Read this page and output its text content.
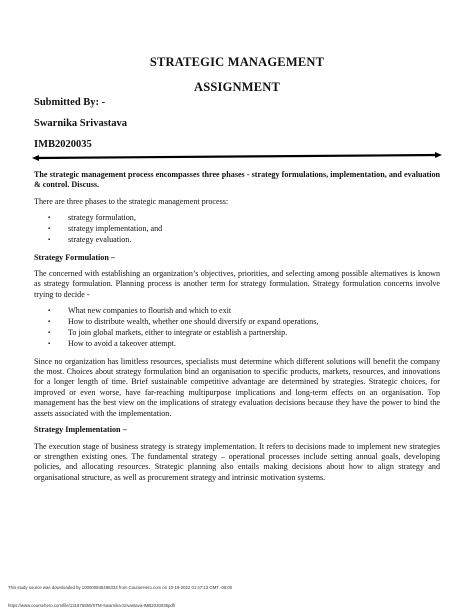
STRATEGIC MANAGEMENT
ASSIGNMENT
Submitted By: -
Swarnika Srivastava
IMB2020035

The strategic management process encompasses three phases - strategy formulations, implementation, and evaluation & control. Discuss.

There are three phases to the strategic management process:

▪ strategy formulation,
▪ strategy implementation, and
▪ strategy evaluation.

Strategy Formulation –

The concerned with establishing an organization’s objectives, priorities, and selecting among possible alternatives is known as strategy formulation. Planning process is another term for strategy formulation. Strategy formulation concerns involve trying to decide -

▪ What new companies to flourish and which to exit
▪ How to distribute wealth, whether one should diversify or expand operations,
▪ To join global markets, either to integrate or establish a partnership.
▪ How to avoid a takeover attempt.

Since no organization has limitless resources, specialists must determine which different solutions will benefit the company the most. Choices about strategy formulation bind an organisation to specific products, markets, resources, and innovations for a longer length of time. Brief sustainable competitive advantage are determined by strategies. Strategic choices, for improved or even worse, have far-reaching multipurpose implications and long-term effects on an organisation. Top management has the best view on the implications of strategy evaluation decisions because they have the power to bind the assets associated with the implementation.

Strategy Implementation –

The execution stage of business strategy is strategy implementation. It refers to decisions made to implement new strategies or strengthen existing ones. The fundamental strategy – operational processes include setting annual goals, developing policies, and allocating resources. Strategic planning also entails making decisions about how to align strategy and organisational structure, as well as procurement strategy and intrinsic motivation systems.

This study source was downloaded by 100000845488333 from CourseHero.com on 10-19-2022 01:47:13 GMT -05:00
https://www.coursehero.com/file/131675850/STM-Swarnika-Srivastava-IMB2020035pdf/
